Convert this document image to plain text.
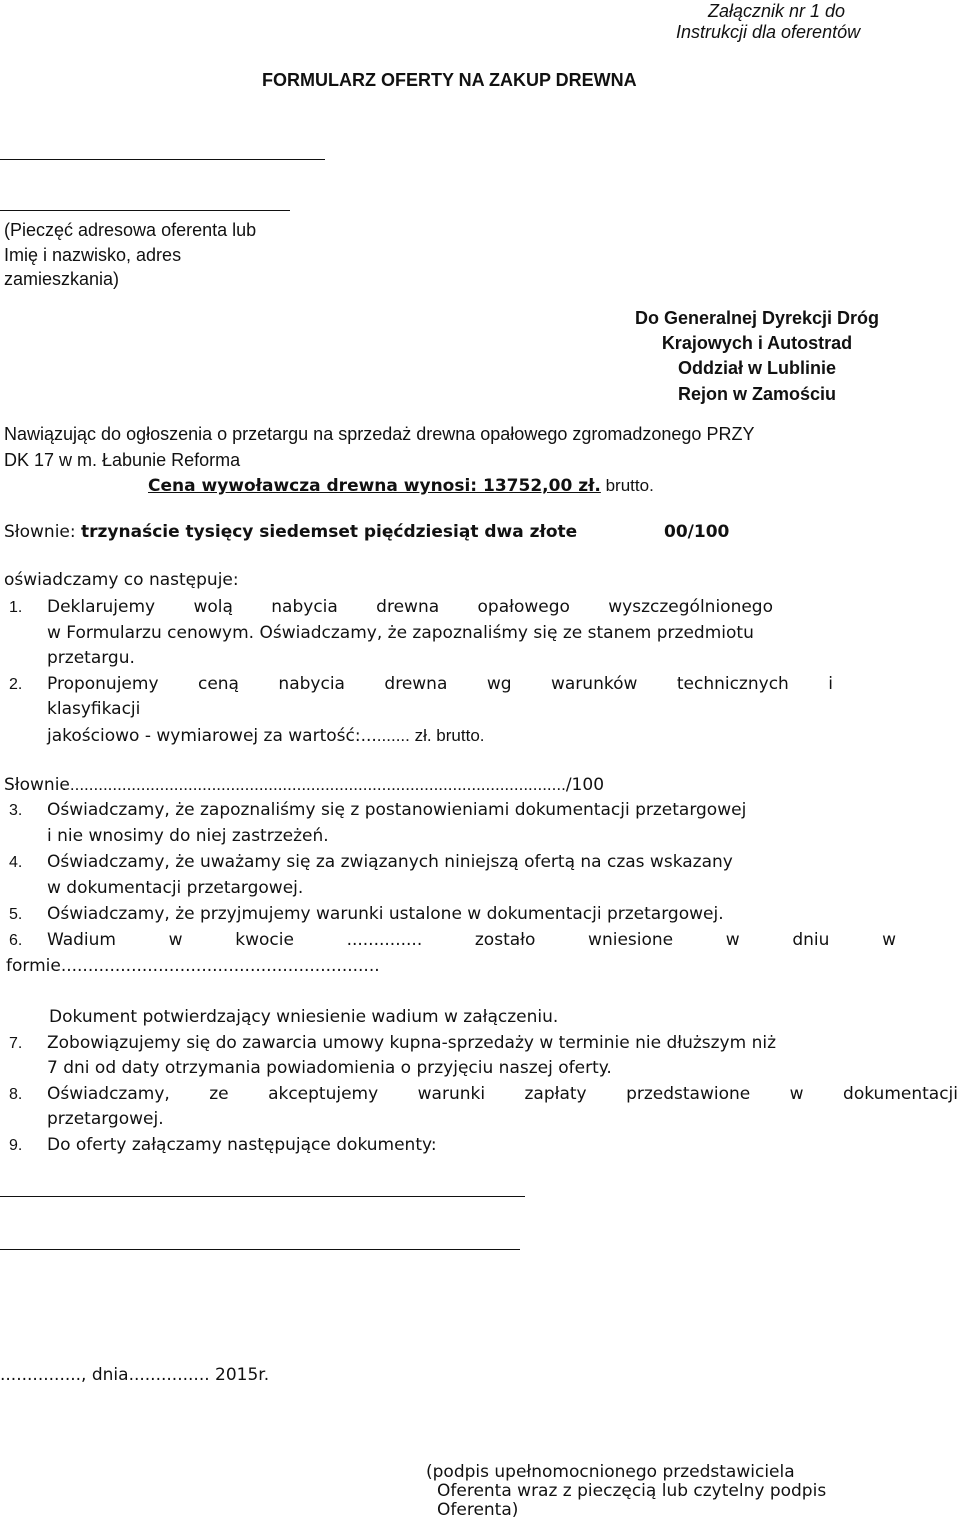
Załącznik nr 1 do
Instrukcji dla oferentów
FORMULARZ OFERTY NA ZAKUP DREWNA
(Pieczęć adresowa oferenta lub
Imię i nazwisko, adres
zamieszkania)
Do Generalnej Dyrekcji Dróg
Krajowych i Autostrad
Oddział w Lublinie
Rejon w Zamościu
Nawiązując do ogłoszenia o przetargu na sprzedaż drewna opałowego zgromadzonego PRZY
DK 17 w m. Łabunie Reforma
Cena wywoławcza drewna wynosi: 13752,00 zł. brutto.
Słownie: trzynaście tysięcy siedemset pięćdziesiąt dwa złote	00/100
oświadczamy co następuje:
1. Deklarujemy wolą nabycia drewna opałowego wyszczególnionego
w Formularzu cenowym. Oświadczamy, że zapoznaliśmy się ze stanem przedmiotu
przetargu.
2. Proponujemy ceną nabycia drewna wg warunków technicznych i
klasyfikacji
jakościowo - wymiarowej za wartość:.......... zł. brutto.
Słownie........................................................................................................./100
3. Oświadczamy, że zapoznaliśmy się z postanowieniami dokumentacji przetargowej
i nie wnosimy do niej zastrzeżeń.
4. Oświadczamy, że uważamy się za związanych niniejszą ofertą na czas wskazany
w dokumentacji przetargowej.
5. Oświadczamy, że przyjmujemy warunki ustalone w dokumentacji przetargowej.
6. Wadium w kwocie .............. zostało wniesione w dniu w
formie...........................................................
Dokument potwierdzający wniesienie wadium w załączeniu.
7. Zobowiązujemy się do zawarcia umowy kupna-sprzedaży w terminie nie dłuższym niż
7 dni od daty otrzymania powiadomienia o przyjęciu naszej oferty.
8. Oświadczamy, ze akceptujemy warunki zapłaty przedstawione w dokumentacji
przetargowej.
9. Do oferty załączamy następujące dokumenty:
..............., dnia............... 2015r.
(podpis upełnomocnionego przedstawiciela
Oferenta wraz z pieczęcią lub czytelny podpis
Oferenta)
